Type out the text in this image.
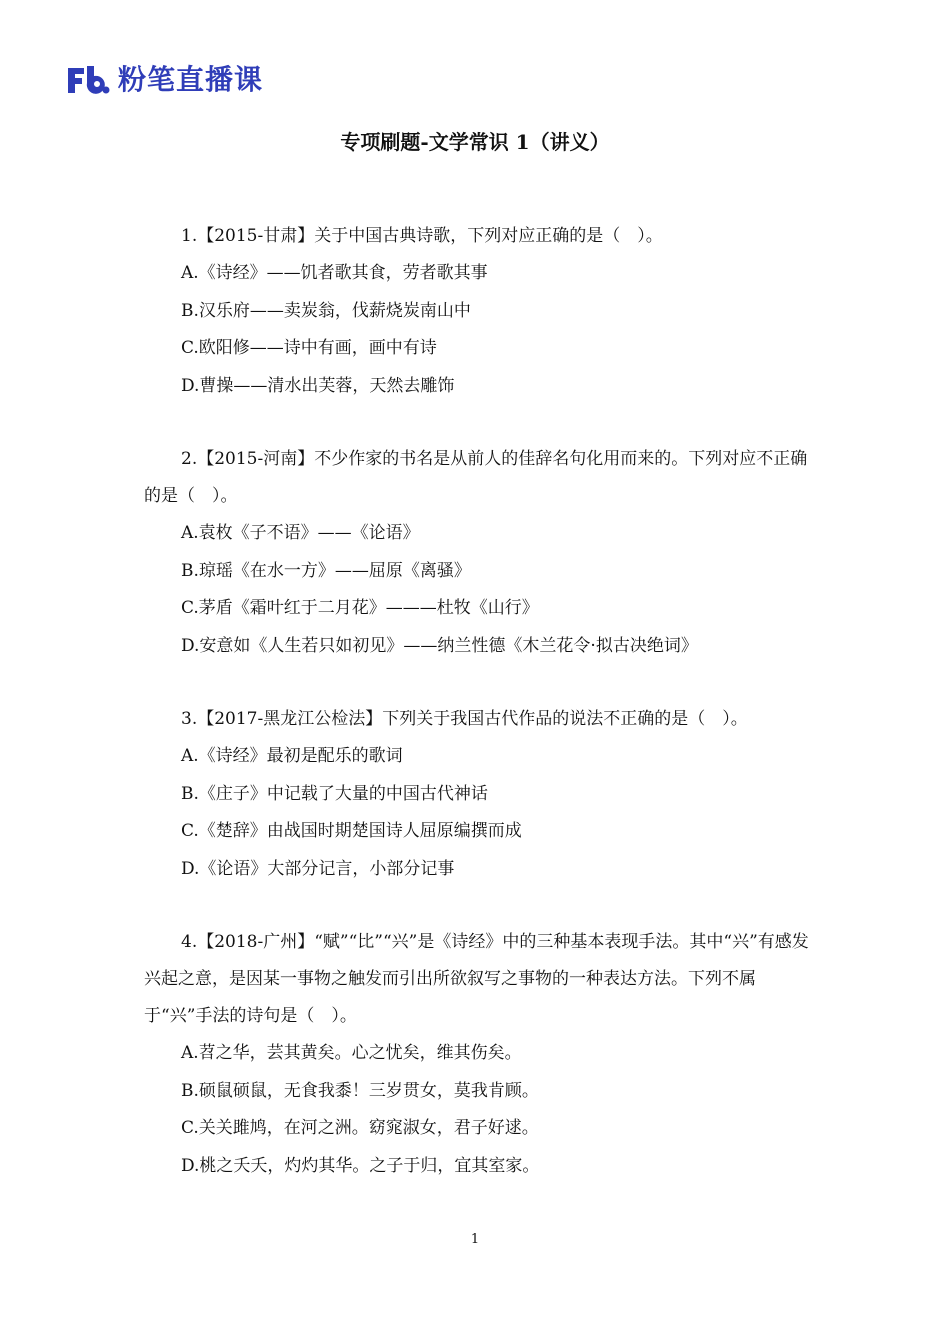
粉笔直播课
专项刷题-文学常识 1（讲义）

1.【2015-甘肃】关于中国古典诗歌，下列对应正确的是（　）。

A.《诗经》——饥者歌其食，劳者歌其事

B.汉乐府——卖炭翁，伐薪烧炭南山中

C.欧阳修——诗中有画，画中有诗

D.曹操——清水出芙蓉，天然去雕饰

2.【2015-河南】不少作家的书名是从前人的佳辞名句化用而来的。下列对应不正确的是（　）。

A.袁枚《子不语》——《论语》

B.琼瑶《在水一方》——屈原《离骚》

C.茅盾《霜叶红于二月花》———杜牧《山行》

D.安意如《人生若只如初见》——纳兰性德《木兰花令·拟古决绝词》

3.【2017-黑龙江公检法】下列关于我国古代作品的说法不正确的是（　）。

A.《诗经》最初是配乐的歌词

B.《庄子》中记载了大量的中国古代神话

C.《楚辞》由战国时期楚国诗人屈原编撰而成

D.《论语》大部分记言，小部分记事

4.【2018-广州】“赋”“比”“兴”是《诗经》中的三种基本表现手法。其中“兴”有感发兴起之意，是因某一事物之触发而引出所欲叙写之事物的一种表达方法。下列不属于“兴”手法的诗句是（　）。

A.苕之华，芸其黄矣。心之忧矣，维其伤矣。

B.硕鼠硕鼠，无食我黍！三岁贯女，莫我肯顾。

C.关关雎鸠，在河之洲。窈窕淑女，君子好逑。

D.桃之夭夭，灼灼其华。之子于归，宜其室家。

1
